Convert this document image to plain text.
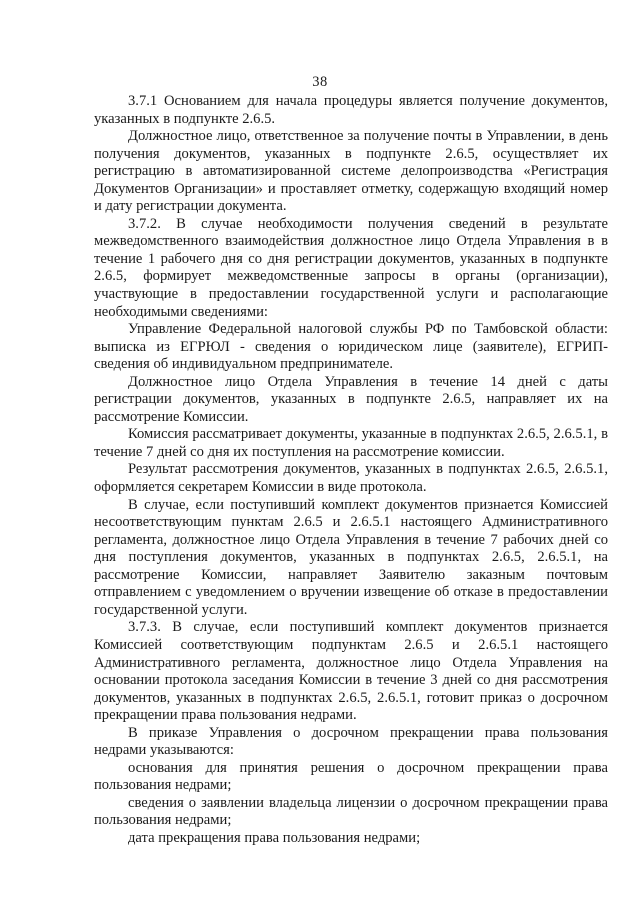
38

3.7.1 Основанием для начала процедуры является получение документов, указанных в подпункте 2.6.5.

Должностное лицо, ответственное за получение почты в Управлении, в день получения документов, указанных в подпункте 2.6.5, осуществляет их регистрацию в автоматизированной системе делопроизводства «Регистрация Документов Организации» и проставляет отметку, содержащую входящий номер и дату регистрации документа.

3.7.2. В случае необходимости получения сведений в результате межведомственного взаимодействия должностное лицо Отдела Управления в в течение 1 рабочего дня со дня регистрации документов, указанных в подпункте 2.6.5, формирует межведомственные запросы в органы (организации), участвующие в предоставлении государственной услуги и располагающие необходимыми сведениями:

Управление Федеральной налоговой службы РФ по Тамбовской области: выписка из ЕГРЮЛ - сведения о юридическом лице (заявителе), ЕГРИП- сведения об индивидуальном предпринимателе.

Должностное лицо Отдела Управления в течение 14 дней с даты регистрации документов, указанных в подпункте 2.6.5, направляет их на рассмотрение Комиссии.

Комиссия рассматривает документы, указанные в подпунктах 2.6.5, 2.6.5.1, в течение 7 дней со дня их поступления на рассмотрение комиссии.

Результат рассмотрения документов, указанных в подпунктах 2.6.5, 2.6.5.1, оформляется секретарем Комиссии в виде протокола.

В случае, если поступивший комплект документов признается Комиссией несоответствующим пунктам 2.6.5 и 2.6.5.1 настоящего Административного регламента, должностное лицо Отдела Управления в течение 7 рабочих дней со дня поступления документов, указанных в подпунктах 2.6.5, 2.6.5.1, на рассмотрение Комиссии, направляет Заявителю заказным почтовым отправлением с уведомлением о вручении извещение об отказе в предоставлении государственной услуги.

3.7.3. В случае, если поступивший комплект документов признается Комиссией соответствующим подпунктам 2.6.5 и 2.6.5.1 настоящего Административного регламента, должностное лицо Отдела Управления на основании протокола заседания Комиссии в течение 3 дней со дня рассмотрения документов, указанных в подпунктах 2.6.5, 2.6.5.1, готовит приказ о досрочном прекращении права пользования недрами.

В приказе Управления о досрочном прекращении права пользования недрами указываются:

основания для принятия решения о досрочном прекращении права пользования недрами;

сведения о заявлении владельца лицензии о досрочном прекращении права пользования недрами;

дата прекращения права пользования недрами;
